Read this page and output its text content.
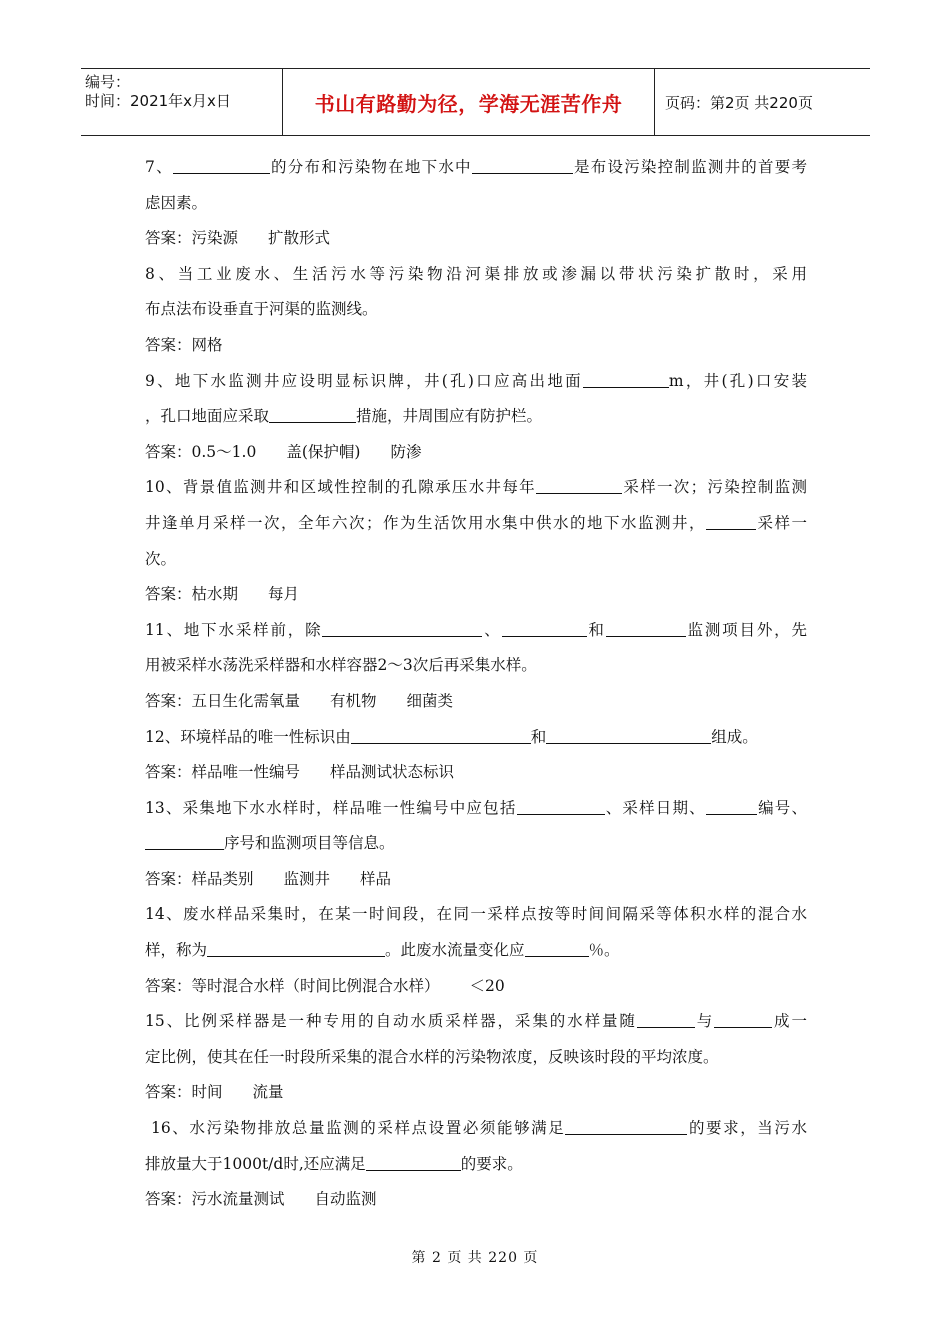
编号：
时间：2021年x月x日	书山有路勤为径，学海无涯苦作舟	页码：第2页 共220页
7、	的分布和污染物在地下水中	是布设污染控制监测井的首要考
虑因素。
答案：污染源 扩散形式
8、当工业废水、生活污水等污染物沿河渠排放或渗漏以带状污染扩散时，采用
布点法布设垂直于河渠的监测线。
答案：网格
9、地下水监测井应设明显标识牌，井(孔)口应高出地面	m，井(孔)口安装
，孔口地面应采取	措施，井周围应有防护栏。
答案：0.5～1.0 盖(保护帽) 防渗
10、背景值监测井和区域性控制的孔隙承压水井每年	采样一次；污染控制监测
井逢单月采样一次，全年六次；作为生活饮用水集中供水的地下水监测井，	采样一
次。
答案：枯水期 每月
11、地下水采样前，除	、	和	监测项目外，先
用被采样水荡洗采样器和水样容器2～3次后再采集水样。
答案：五日生化需氧量 有机物 细菌类
12、环境样品的唯一性标识由	和	组成。
答案：样品唯一性编号 样品测试状态标识
13、采集地下水水样时，样品唯一性编号中应包括	、采样日期、	编号、
序号和监测项目等信息。
答案：样品类别 监测井 样品
14、废水样品采集时，在某一时间段，在同一采样点按等时间间隔采等体积水样的混合水
样，称为	。此废水流量变化应	％。
答案：等时混合水样（时间比例混合水样） ＜20
15、比例采样器是一种专用的自动水质采样器，采集的水样量随	与	成一
定比例，使其在任一时段所采集的混合水样的污染物浓度，反映该时段的平均浓度。
答案：时间 流量
16、水污染物排放总量监测的采样点设置必须能够满足	的要求，当污水
排放量大于1000t/d时,还应满足	的要求。
答案：污水流量测试 自动监测
第 2 页 共 220 页
